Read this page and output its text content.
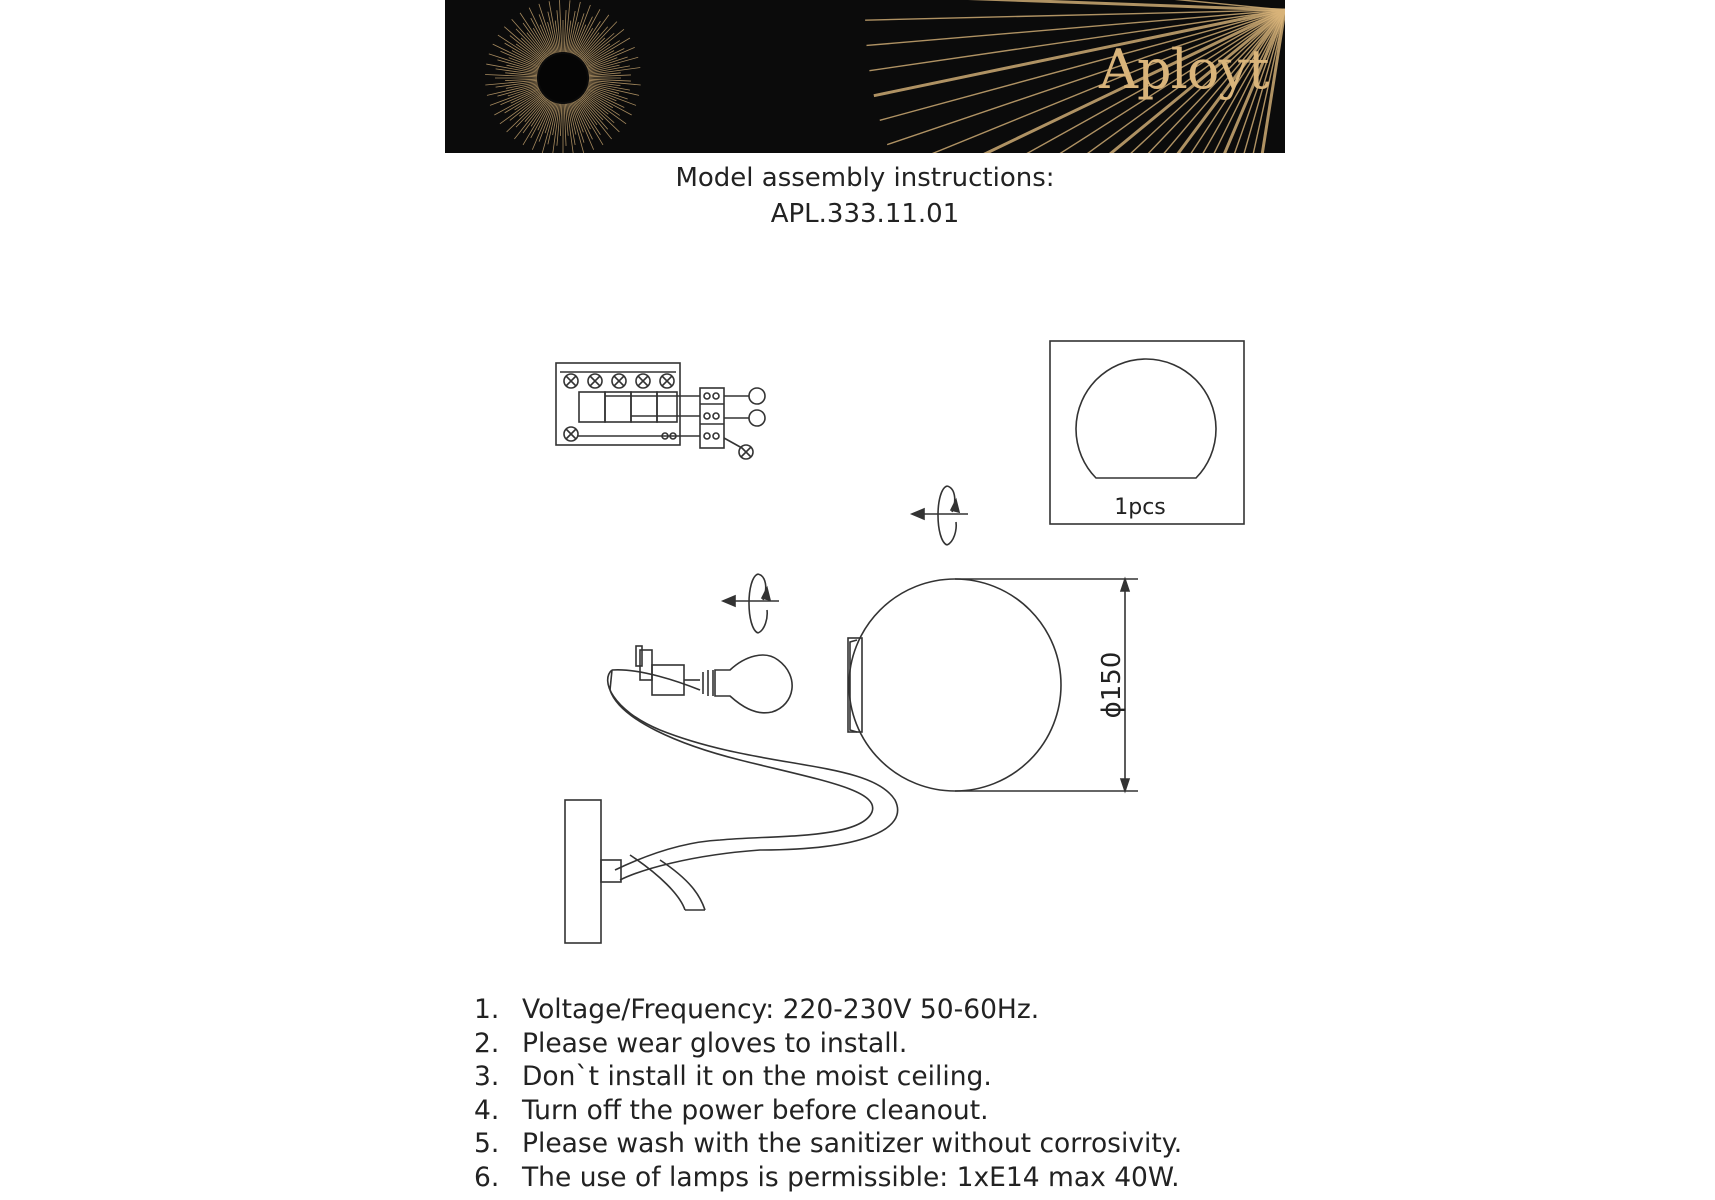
Aployt
Model assembly instructions:
APL.333.11.01
1pcs
ϕ150
1. Voltage/Frequency: 220-230V 50-60Hz.
2. Please wear gloves to install.
3. Don`t install it on the moist ceiling.
4. Turn off the power before cleanout.
5. Please wash with the sanitizer without corrosivity.
6. The use of lamps is permissible: 1xE14 max 40W.
